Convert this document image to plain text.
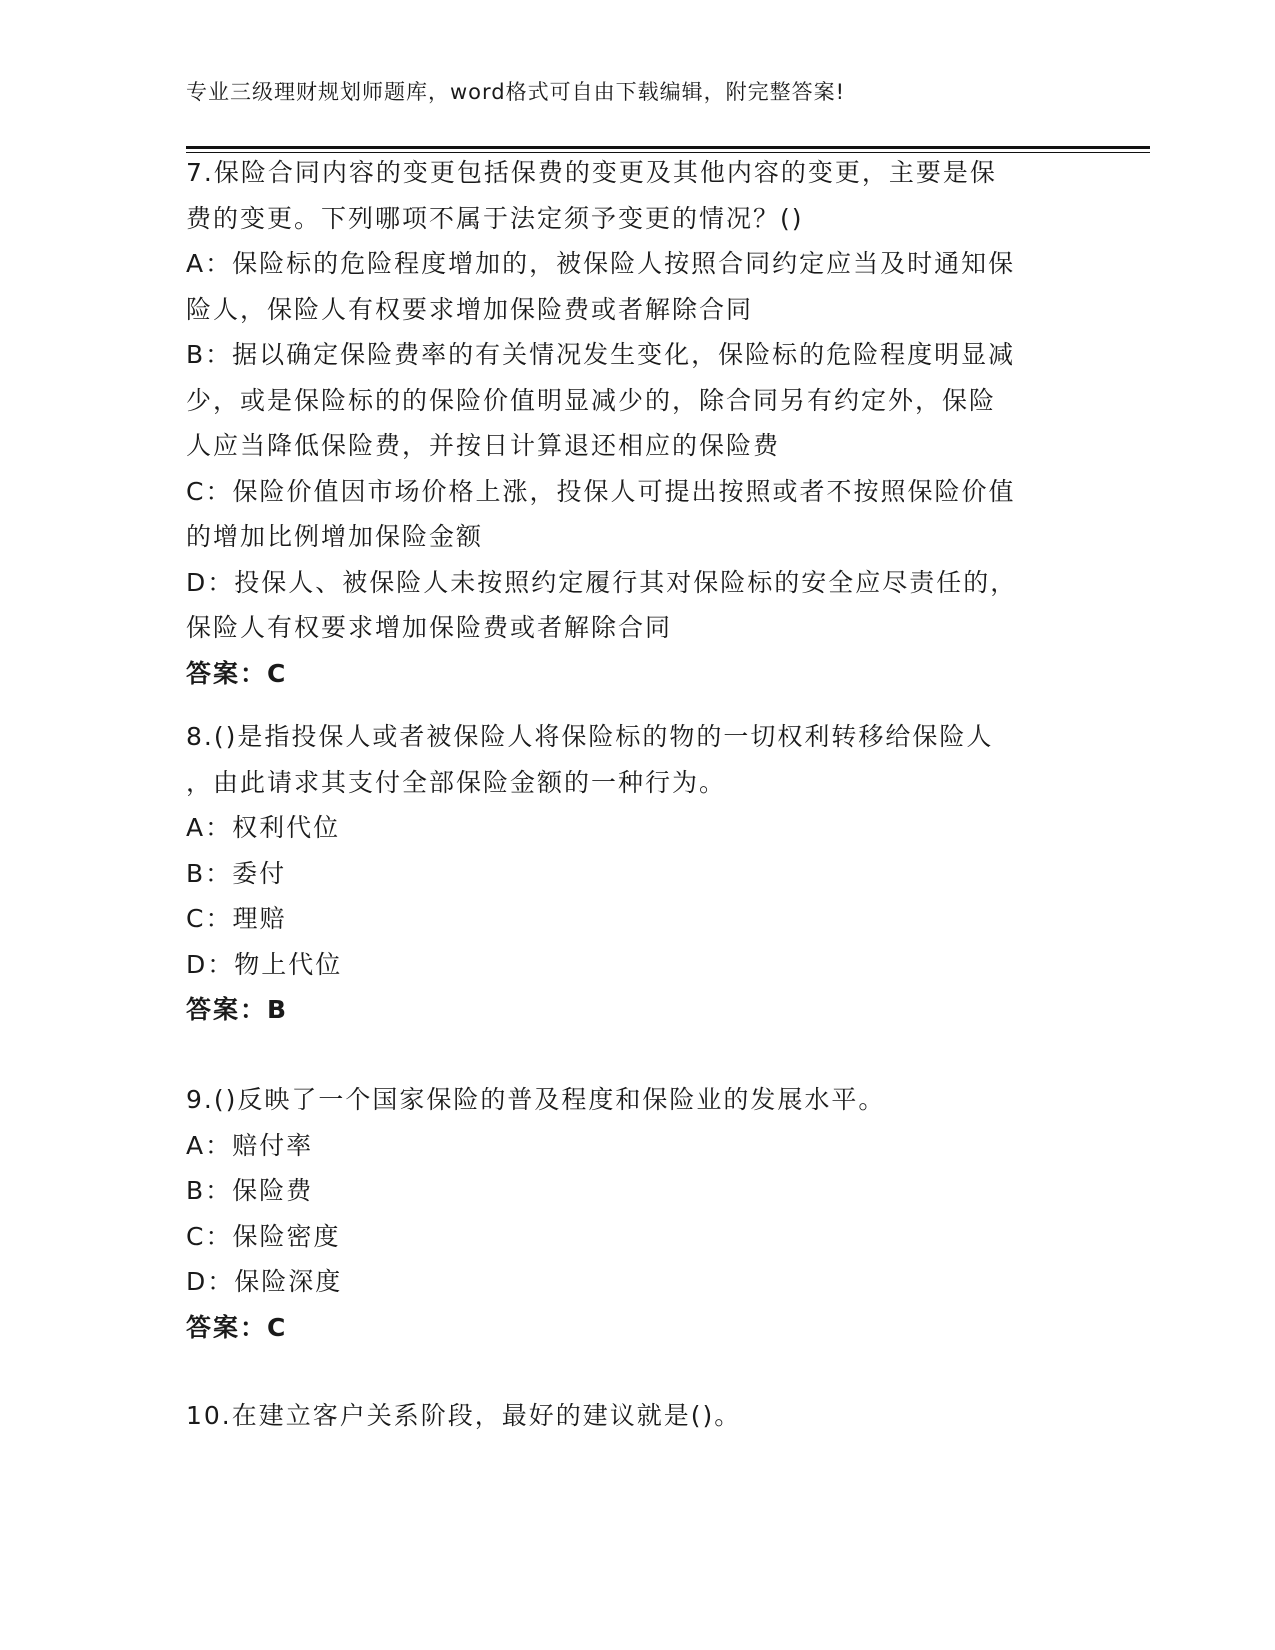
专业三级理财规划师题库，word格式可自由下载编辑，附完整答案!
7.保险合同内容的变更包括保费的变更及其他内容的变更，主要是保
费的变更。下列哪项不属于法定须予变更的情况？()
A：保险标的危险程度增加的，被保险人按照合同约定应当及时通知保
险人，保险人有权要求增加保险费或者解除合同
B：据以确定保险费率的有关情况发生变化，保险标的危险程度明显减
少，或是保险标的的保险价值明显减少的，除合同另有约定外，保险
人应当降低保险费，并按日计算退还相应的保险费
C：保险价值因市场价格上涨，投保人可提出按照或者不按照保险价值
的增加比例增加保险金额
D：投保人、被保险人未按照约定履行其对保险标的安全应尽责任的，
保险人有权要求增加保险费或者解除合同
答案：C
8.()是指投保人或者被保险人将保险标的物的一切权利转移给保险人
，由此请求其支付全部保险金额的一种行为。
A：权利代位
B：委付
C：理赔
D：物上代位
答案：B
9.()反映了一个国家保险的普及程度和保险业的发展水平。
A：赔付率
B：保险费
C：保险密度
D：保险深度
答案：C
10.在建立客户关系阶段，最好的建议就是()。
